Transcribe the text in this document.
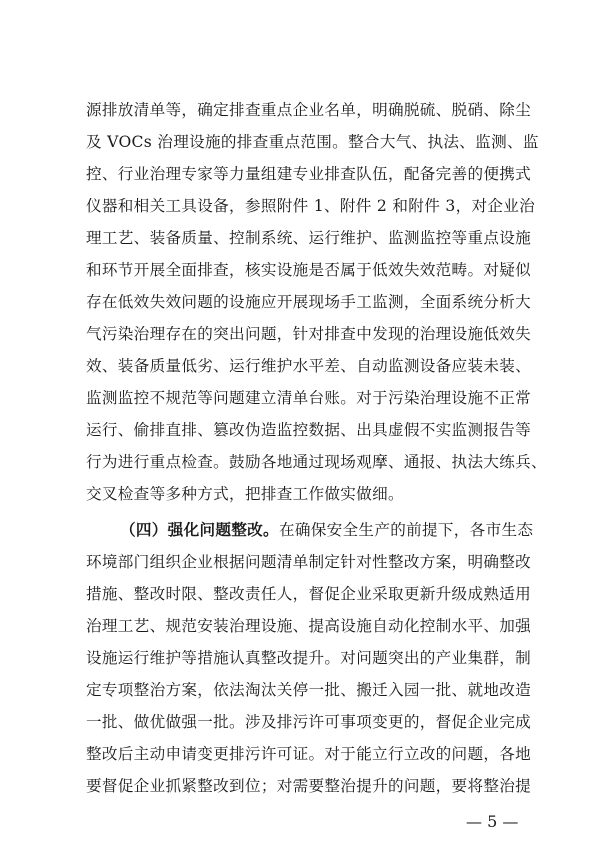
源排放清单等，确定排查重点企业名单，明确脱硫、脱硝、除尘
及 VOCs 治理设施的排查重点范围。整合大气、执法、监测、监
控、行业治理专家等力量组建专业排查队伍，配备完善的便携式
仪器和相关工具设备，参照附件 1、附件 2 和附件 3，对企业治
理工艺、装备质量、控制系统、运行维护、监测监控等重点设施
和环节开展全面排查，核实设施是否属于低效失效范畴。对疑似
存在低效失效问题的设施应开展现场手工监测，全面系统分析大
气污染治理存在的突出问题，针对排查中发现的治理设施低效失
效、装备质量低劣、运行维护水平差、自动监测设备应装未装、
监测监控不规范等问题建立清单台账。对于污染治理设施不正常
运行、偷排直排、篡改伪造监控数据、出具虚假不实监测报告等
行为进行重点检查。鼓励各地通过现场观摩、通报、执法大练兵、
交叉检查等多种方式，把排查工作做实做细。
（四）强化问题整改。在确保安全生产的前提下，各市生态
环境部门组织企业根据问题清单制定针对性整改方案，明确整改
措施、整改时限、整改责任人，督促企业采取更新升级成熟适用
治理工艺、规范安装治理设施、提高设施自动化控制水平、加强
设施运行维护等措施认真整改提升。对问题突出的产业集群，制
定专项整治方案，依法淘汰关停一批、搬迁入园一批、就地改造
一批、做优做强一批。涉及排污许可事项变更的，督促企业完成
整改后主动申请变更排污许可证。对于能立行立改的问题，各地
要督促企业抓紧整改到位；对需要整治提升的问题，要将整治提
— 5 —
